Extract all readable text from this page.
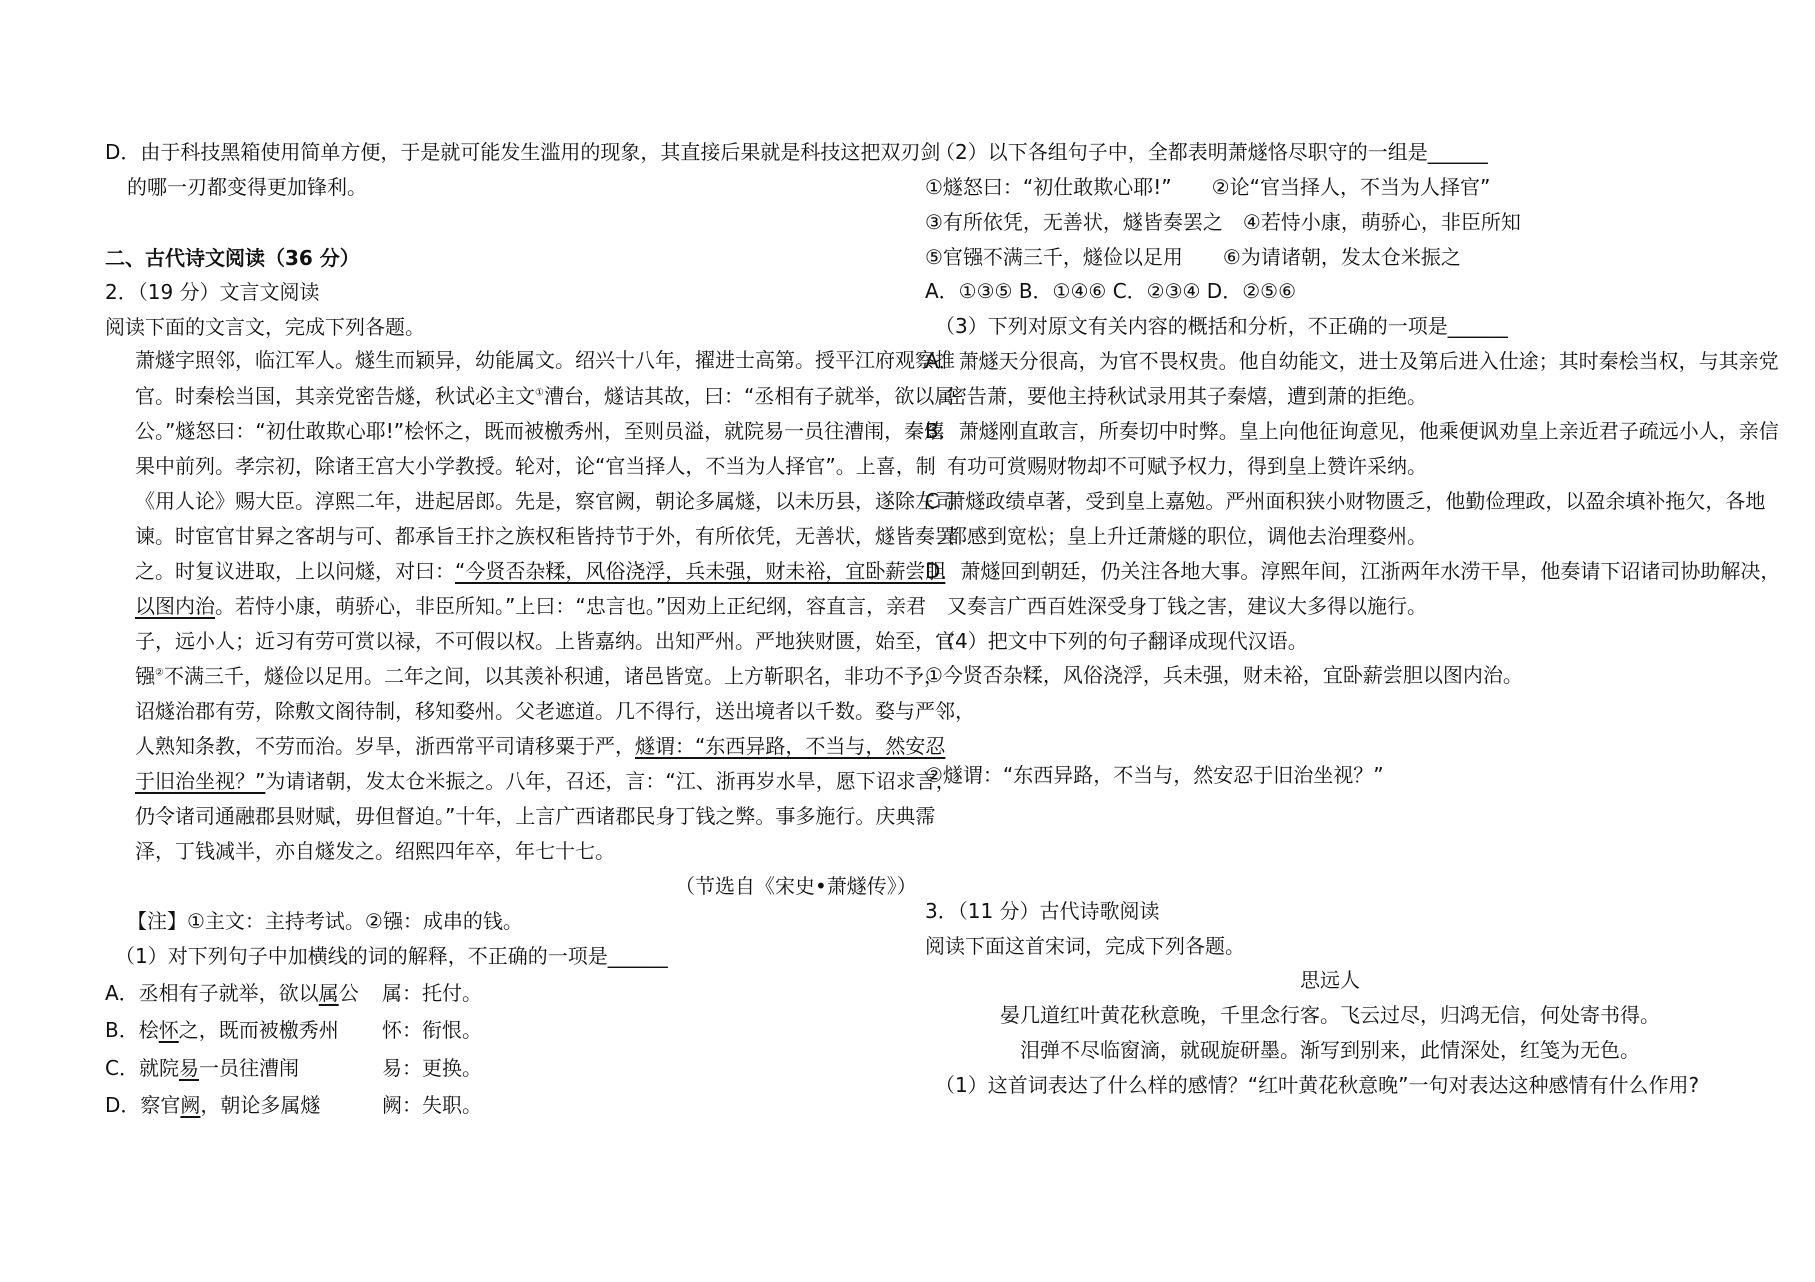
D．由于科技黑箱使用简单方便，于是就可能发生滥用的现象，其直接后果就是科技这把双刃剑
的哪一刃都变得更加锋利。
二、古代诗文阅读（36 分）
2．（19 分）文言文阅读
阅读下面的文言文，完成下列各题。
萧燧字照邻，临江军人。燧生而颖异，幼能属文。绍兴十八年，擢进士高第。授平江府观察推
官。时秦桧当国，其亲党密告燧，秋试必主文①漕台，燧诘其故，曰：“丞相有子就举，欲以属
公。”燧怒曰：“初仕敢欺心耶!”桧怀之，既而被檄秀州，至则员溢，就院易一员往漕闱，秦熺
果中前列。孝宗初，除诸王宫大小学教授。轮对，论“官当择人，不当为人择官”。上喜，制
《用人论》赐大臣。淳熙二年，进起居郎。先是，察官阙，朝论多属燧，以未历县，遂除左司
谏。时宦官甘昪之客胡与可、都承旨王抃之族权秬皆持节于外，有所依凭，无善状，燧皆奏罢
之。时复议进取，上以问燧，对曰：“今贤否杂糅，风俗浇浮，兵未强，财未裕，宜卧薪尝胆
以图内治。若恃小康，萌骄心，非臣所知。”上曰：“忠言也。”因劝上正纪纲，容直言，亲君
子，远小人；近习有劳可赏以禄，不可假以权。上皆嘉纳。出知严州。严地狭财匮，始至，官
镪②不满三千，燧俭以足用。二年之间，以其羡补积逋，诸邑皆宽。上方靳职名，非功不予，
诏燧治郡有劳，除敷文阁待制，移知婺州。父老遮道。几不得行，送出境者以千数。婺与严邻，
人熟知条教，不劳而治。岁旱，浙西常平司请移粟于严，燧谓：“东西异路，不当与，然安忍
于旧治坐视？”为请诸朝，发太仓米振之。八年，召还，言：“江、浙再岁水旱，愿下诏求言，
仍令诸司通融郡县财赋，毋但督迫。”十年，上言广西诸郡民身丁钱之弊。事多施行。庆典霈
泽，丁钱减半，亦自燧发之。绍熙四年卒，年七十七。
（节选自《宋史•萧燧传》）
【注】①主文：主持考试。②镪：成串的钱。
（1）对下列句子中加横线的词的解释，不正确的一项是______
A．丞相有子就举，欲以属公 属：托付。
B．桧怀之，既而被檄秀州 怀：衔恨。
C．就院易一员往漕闱	易：更换。
D．察官阙，朝论多属燧	阙：失职。
（2）以下各组句子中，全都表明萧燧恪尽职守的一组是______
①燧怒曰：“初仕敢欺心耶!”　　②论“官当择人，不当为人择官”
③有所依凭，无善状，燧皆奏罢之　④若恃小康，萌骄心，非臣所知
⑤官镪不满三千，燧俭以足用　　⑥为请诸朝，发太仓米振之
A．①③⑤ B．①④⑥ C．②③④ D．②⑤⑥
（3）下列对原文有关内容的概括和分析，不正确的一项是______
A．萧燧天分很高，为官不畏权贵。他自幼能文，进士及第后进入仕途；其时秦桧当权，与其亲党
密告萧，要他主持秋试录用其子秦熺，遭到萧的拒绝。
B．萧燧刚直敢言，所奏切中时弊。皇上向他征询意见，他乘便讽劝皇上亲近君子疏远小人，亲信
有功可赏赐财物却不可赋予权力，得到皇上赞许采纳。
C 萧燧政绩卓著，受到皇上嘉勉。严州面积狭小财物匮乏，他勤俭理政，以盈余填补拖欠，各地
都感到宽松；皇上升迁萧燧的职位，调他去治理婺州。
D．萧燧回到朝廷，仍关注各地大事。淳熙年间，江浙两年水涝干旱，他奏请下诏诸司协助解决，
又奏言广西百姓深受身丁钱之害，建议大多得以施行。
（4）把文中下列的句子翻译成现代汉语。
①今贤否杂糅，风俗浇浮，兵未强，财未裕，宜卧薪尝胆以图内治。
②燧谓：“东西异路，不当与，然安忍于旧治坐视？”
3．（11 分）古代诗歌阅读
阅读下面这首宋词，完成下列各题。
思远人
晏几道红叶黄花秋意晚，千里念行客。飞云过尽，归鸿无信，何处寄书得。
泪弹不尽临窗滴，就砚旋研墨。渐写到别来，此情深处，红笺为无色。
（1）这首词表达了什么样的感情？“红叶黄花秋意晚”一句对表达这种感情有什么作用?
